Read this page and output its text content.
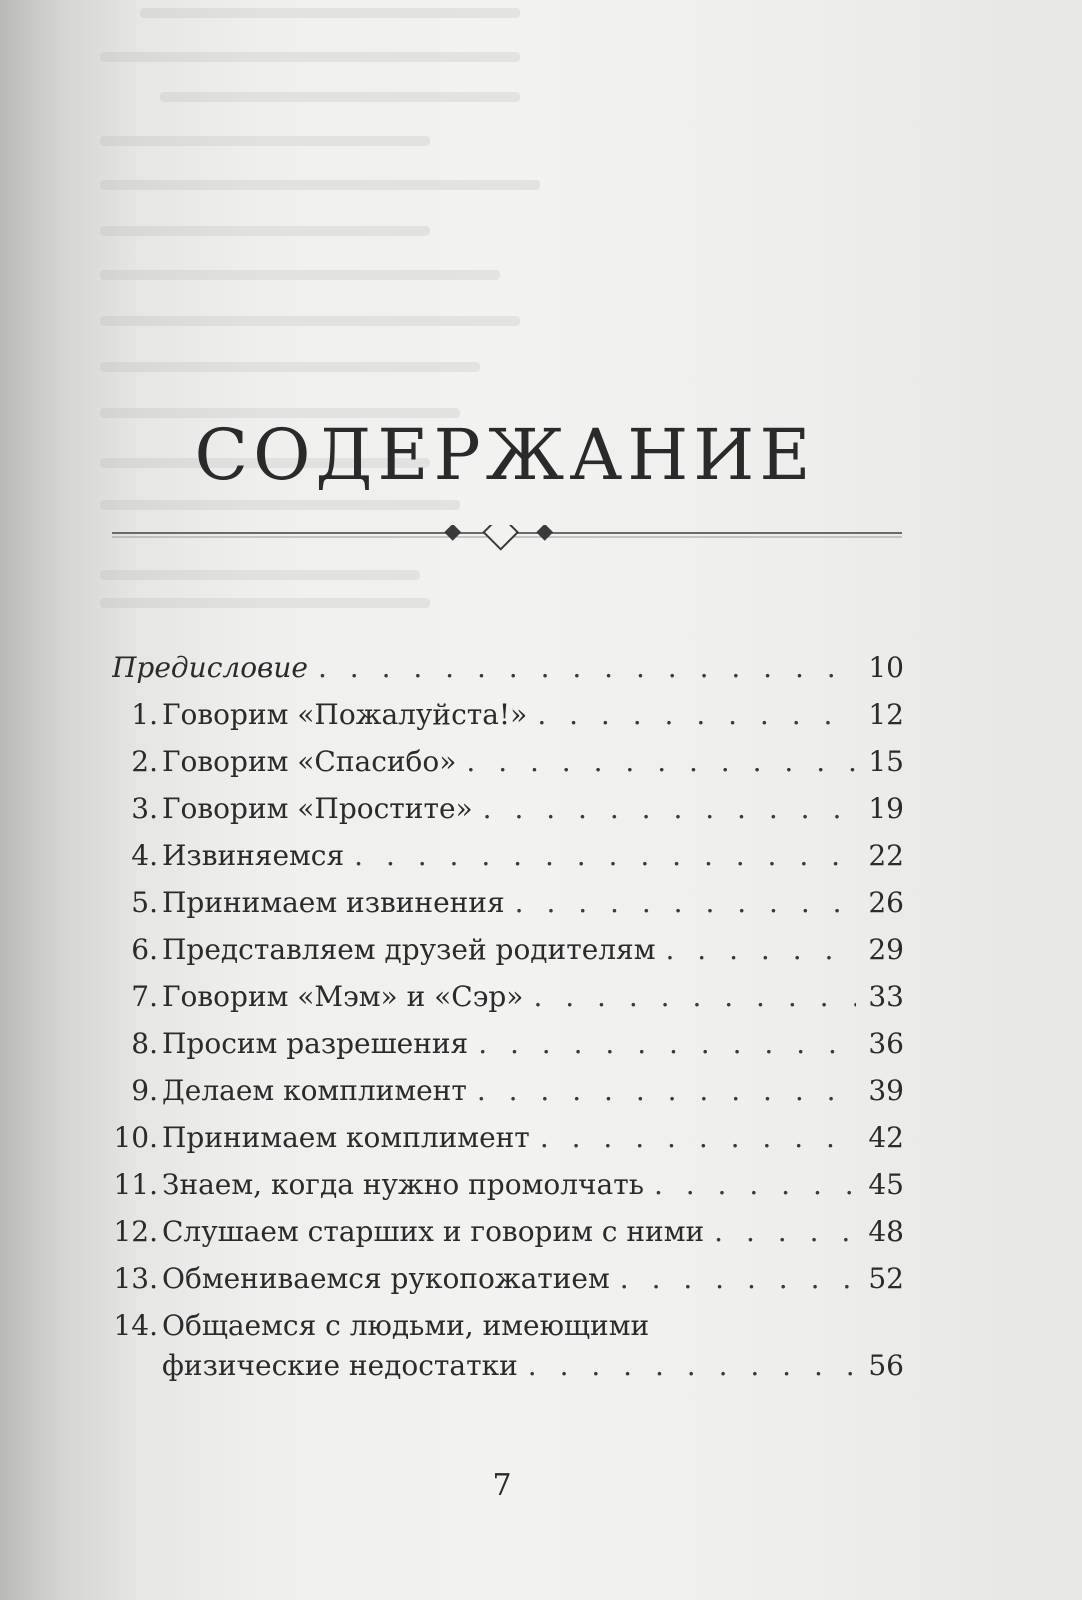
СОДЕРЖАНИЕ
Предисловие . . .	10
1. Говорим «Пожалуйста!» . . .	12
2. Говорим «Спасибо» . . .	15
3. Говорим «Простите» . . .	19
4. Извиняемся . . .	22
5. Принимаем извинения . . .	26
6. Представляем друзей родителям . . .	29
7. Говорим «Мэм» и «Сэр» . . .	33
8. Просим разрешения . . .	36
9. Делаем комплимент . . .	39
10. Принимаем комплимент . . .	42
11. Знаем, когда нужно промолчать . . .	45
12. Слушаем старших и говорим с ними . . .	48
13. Обмениваемся рукопожатием . . .	52
14. Общаемся с людьми, имеющими
физические недостатки . . .	56
7
